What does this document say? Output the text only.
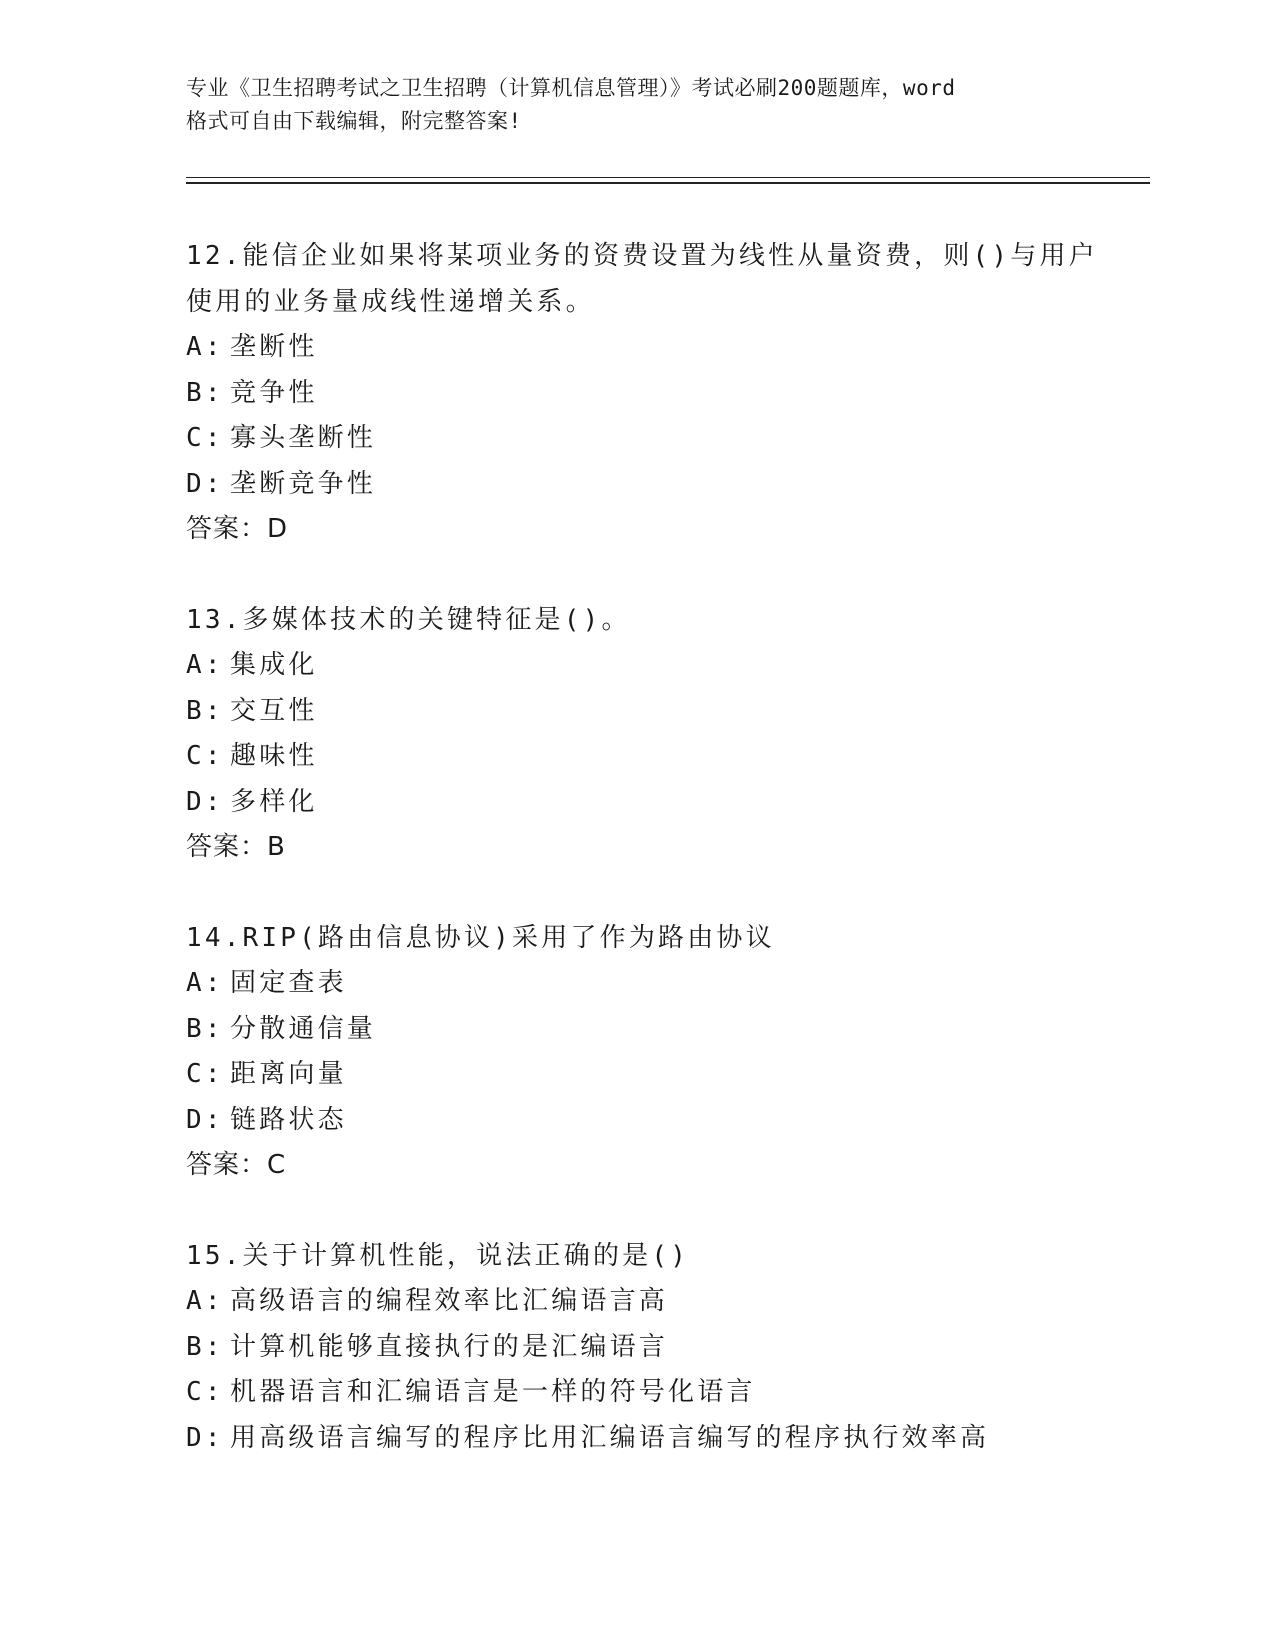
专业《卫生招聘考试之卫生招聘（计算机信息管理）》考试必刷200题题库，word
格式可自由下载编辑，附完整答案!

12.能信企业如果将某项业务的资费设置为线性从量资费，则()与用户

使用的业务量成线性递增关系。

A: 垄断性

B: 竞争性

C: 寡头垄断性

D: 垄断竞争性

答案：D

13.多媒体技术的关键特征是()。

A: 集成化

B: 交互性

C: 趣味性

D: 多样化

答案：B

14.RIP(路由信息协议)采用了作为路由协议

A: 固定查表

B: 分散通信量

C: 距离向量

D: 链路状态

答案：C

15.关于计算机性能，说法正确的是()

A: 高级语言的编程效率比汇编语言高

B: 计算机能够直接执行的是汇编语言

C: 机器语言和汇编语言是一样的符号化语言

D: 用高级语言编写的程序比用汇编语言编写的程序执行效率高
